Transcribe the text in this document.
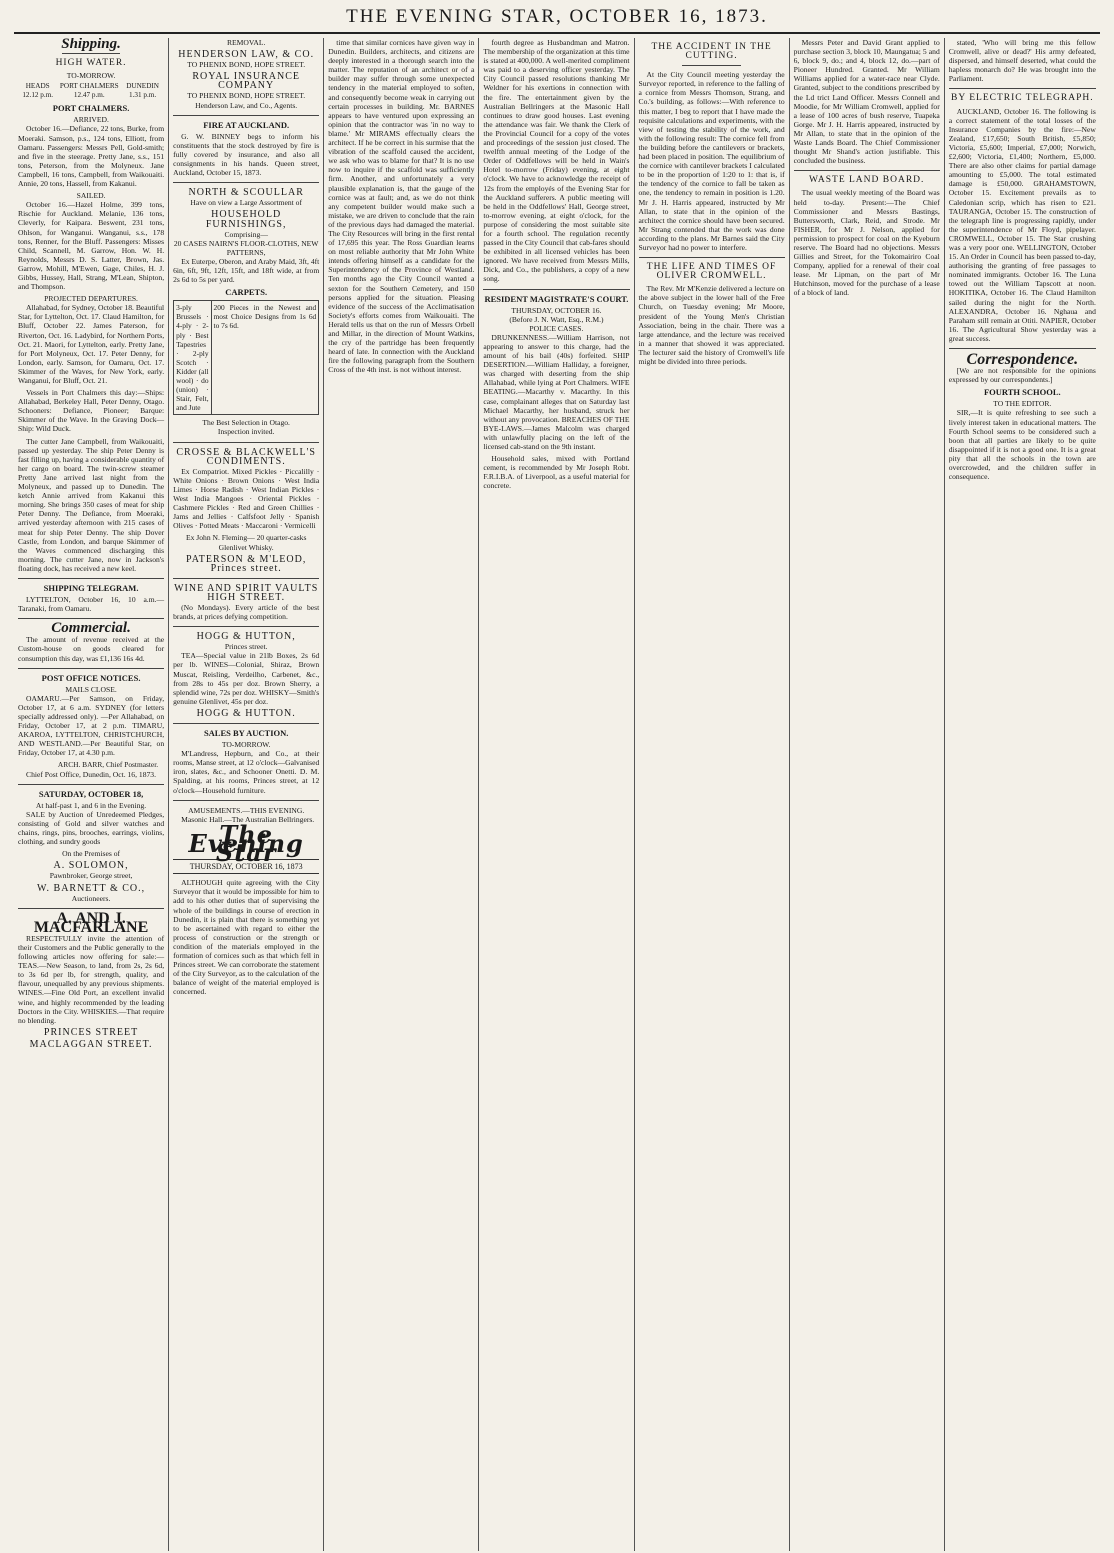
THE EVENING STAR, OCTOBER 16, 1873.
Shipping.
HIGH WATER.
TO-MORROW.
HEADS 12.12 p.m.
PORT CHALMERS 12.47 p.m.
DUNEDIN 1.31 p.m.
PORT CHALMERS.
ARRIVED.

October 16.—Defiance, 22 tons, Burke, from Moeraki. Samson, p.s., 124 tons, Elliott, from Oamaru. Passengers: Messrs Pell, Gold-smith; and five in the steerage. Pretty Jane, s.s., 151 tons, Peterson, from the Molyneux. Jane Campbell, 16 tons, Campbell, from Waikouaiti. Annie, 20 tons, Hassell, from Kakanui.

SAILED.

October 16.—Hazel Holme, 399 tons, Rischie for Auckland. Melanie, 136 tons, Cleverly, for Kaipara. Beswent, 231 tons, Ohlson, for Wanganui. Wanganui, s.s., 178 tons, Renner, for the Bluff. Passengers: Misses Child, Scannell, M. Garrow, Hon. W. H. Reynolds, Messrs D. S. Latter, Brown, Jas. Garrow, Mohill, M'Ewen, Gage, Chiles, H. J. Gibbs, Hussey, Hall, Strang, M'Lean, Shipton, and Thompson.

PROJECTED DEPARTURES.

Allahabad, for Sydney, October 18. Beautiful Star, for Lyttelton, Oct. 17. Claud Hamilton, for Bluff, October 22. James Paterson, for Riverton, Oct. 16. Ladybird, for Northern Ports, Oct. 21. Maori, for Lyttelton, early. Pretty Jane, for Port Molyneux, Oct. 17. Peter Denny, for London, early. Samson, for Oamaru, Oct. 17. Skimmer of the Waves, for New York, early. Wanganui, for Bluff, Oct. 21.

Vessels in Port Chalmers this day:—Ships: Allahabad, Berkeley Hall, Peter Denny, Otago. Schooners: Defiance, Pioneer; Barque: Skimmer of the Wave. In the Graving Dock—Ship: Wild Duck.

The cutter Jane Campbell, from Waikouaiti, passed up yesterday. The ship Peter Denny is fast filling up, having a considerable quantity of her cargo on board. The twin-screw steamer Pretty Jane arrived last night from the Molyneux, and passed up to Dunedin. The ketch Annie arrived from Kakanui this morning. She brings 350 cases of meat for ship Peter Denny. The Defiance, from Moeraki, arrived yesterday afternoon with 215 cases of meat for ship Peter Denny. The ship Dover Castle, from London, and barque Skimmer of the Waves commenced discharging this morning. The cutter Jane, now in Jackson's floating dock, has received a new keel.

SHIPPING TELEGRAM.

LYTTELTON, October 16, 10 a.m.—Taranaki, from Oamaru.

Commercial.

The amount of revenue received at the Custom-house on goods cleared for consumption this day, was £1,136 16s 4d.

POST OFFICE NOTICES.
MAILS CLOSE.

OAMARU.—Per Samson, on Friday, October 17, at 6 a.m. SYDNEY (for letters specially addressed only). —Per Allahabad, on Friday, October 17, at 2 p.m. TIMARU, AKAROA, LYTTELTON, CHRISTCHURCH, AND WESTLAND.—Per Beautiful Star, on Friday, October 17, at 4.30 p.m.

ARCH. BARR, Chief Postmaster.

Chief Post Office, Dunedin, Oct. 16, 1873.

SATURDAY, OCTOBER 18,
At half-past 1, and 6 in the Evening.

SALE by Auction of Unredeemed Pledges, consisting of Gold and silver watches and chains, rings, pins, brooches, earrings, violins, clothing, and sundry goods

On the Premises of
A. SOLOMON,
Pawnbroker, George street,
W. BARNETT & CO.,
Auctioneers.
A. AND J. MACFARLANE

RESPECTFULLY invite the attention of their Customers and the Public generally to the following articles now offering for sale:— TEAS.—New Season, to land, from 2s, 2s 6d, to 3s 6d per lb, for strength, quality, and flavour, unequalled by any previous shipments. WINES.—Fine Old Port, an excellent invalid wine, and highly recommended by the leading Doctors in the City. WHISKIES.—That require no blending.

PRINCES STREET
MACLAGGAN STREET.
REMOVAL.
HENDERSON LAW, & CO.
TO PHENIX BOND, HOPE STREET.
ROYAL INSURANCE COMPANY
TO PHENIX BOND, HOPE STREET. Henderson Law, and Co., Agents.
FIRE AT AUCKLAND.

G. W. BINNEY begs to inform his constituents that the stock destroyed by fire is fully covered by insurance, and also all consignments in his hands. Queen street, Auckland, October 15, 1873.

NORTH & SCOULLAR
Have on view a Large Assortment of
HOUSEHOLD FURNISHINGS,
Comprising—
20 CASES NAIRN'S FLOOR-CLOTHS, NEW PATTERNS,

Ex Euterpe, Oberon, and Araby Maid, 3ft, 4ft 6in, 6ft, 9ft, 12ft, 15ft, and 18ft wide, at from 2s 6d to 5s per yard.

CARPETS.
3-ply Brussels · 4-ply · 2-ply · Best Tapestries · 2-ply Scotch · Kidder (all wool) · do (union) · Stair, Felt, and Jute
200 Pieces in the Newest and most Choice Designs from 1s 6d to 7s 6d.
The Best Selection in Otago.
Inspection invited.
CROSSE & BLACKWELL'S CONDIMENTS.

Ex Compatriot. Mixed Pickles · Piccalilly · White Onions · Brown Onions · West India Limes · Horse Radish · West Indian Pickles · West India Mangoes · Oriental Pickles · Cashmere Pickles · Red and Green Chillies · Jams and Jellies · Calfsfoot Jelly · Spanish Olives · Potted Meats · Maccaroni · Vermicelli

Ex John N. Fleming— 20 quarter-casks Glenlivet Whisky.
PATERSON & M'LEOD, Princes street.
WINE AND SPIRIT VAULTS HIGH STREET.

(No Mondays). Every article of the best brands, at prices defying competition.

HOGG & HUTTON,
Princes street.

TEA—Special value in 21lb Boxes, 2s 6d per lb. WINES—Colonial, Shiraz, Brown Muscat, Reisling, Verdeilho, Carbenet, &c., from 28s to 45s per doz. Brown Sherry, a splendid wine, 72s per doz. WHISKY—Smith's genuine Glenlivet, 45s per doz.

HOGG & HUTTON.
SALES BY AUCTION.
TO-MORROW.

M'Landress, Hepburn, and Co., at their rooms, Manse street, at 12 o'clock—Galvanised iron, slates, &c., and Schooner Onetti. D. M. Spalding, at his rooms, Princes street, at 12 o'clock—Household furniture.

AMUSEMENTS.—THIS EVENING.

Masonic Hall.—The Australian Bellringers.

The Evening Star
THURSDAY, OCTOBER 16, 1873

ALTHOUGH quite agreeing with the City Surveyor that it would be impossible for him to add to his other duties that of supervising the whole of the buildings in course of erection in Dunedin, it is plain that there is something yet to be ascertained with regard to either the process of construction or the strength or condition of the materials employed in the formation of cornices such as that which fell in Princes street. We can corroborate the statement of the City Surveyor, as to the calculation of the balance of weight of the material employed is concerned.

time that similar cornices have given way in Dunedin. Builders, architects, and citizens are deeply interested in a thorough search into the matter. The reputation of an architect or of a builder may suffer through some unexpected tendency in the material employed to soften, and consequently become weak in carrying out certain processes in building. Mr. BARNES appears to have ventured upon expressing an opinion that the contractor was 'in no way to blame.' Mr MIRAMS effectually clears the architect. If he be correct in his surmise that the vibration of the scaffold caused the accident, we ask who was to blame for that? It is no use now to inquire if the scaffold was sufficiently firm. Another, and unfortunately a very plausible explanation is, that the gauge of the cornice was at fault; and, as we do not think any competent builder would make such a mistake, we are driven to conclude that the rain of the previous days had damaged the material. The City Resources will bring in the first rental of 17,695 this year. The Ross Guardian learns on most reliable authority that Mr John White intends offering himself as a candidate for the Superintendency of the Province of Westland. Ten months ago the City Council wanted a sexton for the Southern Cemetery, and 150 persons applied for the situation. Pleasing evidence of the success of the Acclimatisation Society's efforts comes from Waikouaiti. The Herald tells us that on the run of Messrs Orbell and Millar, in the direction of Mount Watkins, the cry of the partridge has been frequently heard of late. In connection with the Auckland fire the following paragraph from the Southern Cross of the 4th inst. is not without interest.

fourth degree as Husbandman and Matron. The membership of the organization at this time is stated at 400,000. A well-merited compliment was paid to a deserving officer yesterday. The City Council passed resolutions thanking Mr Weldner for his exertions in connection with the fire. The entertainment given by the Australian Bellringers at the Masonic Hall continues to draw good houses. Last evening the attendance was fair. We thank the Clerk of the Provincial Council for a copy of the votes and proceedings of the session just closed. The twelfth annual meeting of the Lodge of the Order of Oddfellows will be held in Wain's Hotel to-morrow (Friday) evening, at eight o'clock. We have to acknowledge the receipt of 12s from the employés of the Evening Star for the Auckland sufferers. A public meeting will be held in the Oddfellows' Hall, George street, to-morrow evening, at eight o'clock, for the purpose of considering the most suitable site for a fourth school. The regulation recently passed in the City Council that cab-fares should be exhibited in all licensed vehicles has been ignored. We have received from Messrs Mills, Dick, and Co., the publishers, a copy of a new song.

RESIDENT MAGISTRATE'S COURT.
THURSDAY, OCTOBER 16.
(Before J. N. Watt, Esq., R.M.)
POLICE CASES.

DRUNKENNESS.—William Harrison, not appearing to answer to this charge, had the amount of his bail (40s) forfeited. SHIP DESERTION.—William Halliday, a foreigner, was charged with deserting from the ship Allahabad, while lying at Port Chalmers. WIFE BEATING.—Macarthy v. Macarthy. In this case, complainant alleges that on Saturday last Michael Macarthy, her husband, struck her without any provocation. BREACHES OF THE BYE-LAWS.—James Malcolm was charged with unlawfully placing on the left of the licensed cab-stand on the 9th instant.

Household sales, mixed with Portland cement, is recommended by Mr Joseph Robt. F.R.I.B.A. of Liverpool, as a useful material for concrete.

THE ACCIDENT IN THE CUTTING.

At the City Council meeting yesterday the Surveyor reported, in reference to the falling of a cornice from Messrs Thomson, Strang, and Co.'s building, as follows:—With reference to this matter, I beg to report that I have made the requisite calculations and experiments, with the view of testing the stability of the work, and with the following result: The cornice fell from the building before the cantilevers or brackets, had been placed in position. The equilibrium of the cornice with cantilever brackets I calculated to be in the proportion of 1:20 to 1: that is, if the tendency of the cornice to fall be taken as one, the tendency to remain in position is 1.20. Mr J. H. Harris appeared, instructed by Mr Allan, to state that in the opinion of the architect the cornice should have been secured. Mr Strang contended that the work was done according to the plans. Mr Barnes said the City Surveyor had no power to interfere.

THE LIFE AND TIMES OF OLIVER CROMWELL.

The Rev. Mr M'Kenzie delivered a lecture on the above subject in the lower hall of the Free Church, on Tuesday evening; Mr Moore, president of the Young Men's Christian Association, being in the chair. There was a large attendance, and the lecture was received in a manner that showed it was appreciated. The lecturer said the history of Cromwell's life might be divided into three periods.

Messrs Peter and David Grant applied to purchase section 3, block 10, Maungatua; 5 and 6, block 9, do.; and 4, block 12, do.—part of Pioneer Hundred. Granted. Mr William Williams applied for a water-race near Clyde. Granted, subject to the conditions prescribed by the Ld trict Land Officer. Messrs Connell and Moodie, for Mr William Cromwell, applied for a lease of 100 acres of bush reserve, Tuapeka Gorge. Mr J. H. Harris appeared, instructed by Mr Allan, to state that in the opinion of the Waste Lands Board. The Chief Commissioner thought Mr Shand's action justifiable. This concluded the business.

WASTE LAND BOARD.

The usual weekly meeting of the Board was held to-day. Present:—The Chief Commissioner and Messrs Bastings, Buttersworth, Clark, Reid, and Strode. Mr FISHER, for Mr J. Nelson, applied for permission to prospect for coal on the Kyeburn reserve. The Board had no objections. Messrs Gillies and Street, for the Tokomairiro Coal Company, applied for a renewal of their coal lease. Mr Lipman, on the part of Mr Hutchinson, moved for the purchase of a lease of a block of land.

stated, 'Who will bring me this fellow Cromwell, alive or dead?' His army defeated, dispersed, and himself deserted, what could the hapless monarch do? He was brought into the Parliament.

BY ELECTRIC TELEGRAPH.

AUCKLAND, October 16. The following is a correct statement of the total losses of the Insurance Companies by the fire:—New Zealand, £17,650; South British, £5,850; Victoria, £5,600; Imperial, £7,000; Norwich, £2,600; Victoria, £1,400; Northern, £5,000. There are also other claims for partial damage amounting to £5,000. The total estimated damage is £50,000. GRAHAMSTOWN, October 15. Excitement prevails as to Caledonian scrip, which has risen to £21. TAURANGA, October 15. The construction of the telegraph line is progressing rapidly, under the superintendence of Mr Floyd, pipelayer. CROMWELL, October 15. The Star crushing was a very poor one. WELLINGTON, October 15. An Order in Council has been passed to-day, authorising the granting of free passages to nominated immigrants. October 16. The Luna towed out the William Tapscott at noon. HOKITIKA, October 16. The Claud Hamilton sailed during the night for the North. ALEXANDRA, October 16. Nghaua and Paraham still remain at Otiti. NAPIER, October 16. The Agricultural Show yesterday was a great success.

Correspondence.

[We are not responsible for the opinions expressed by our correspondents.]

FOURTH SCHOOL.
TO THE EDITOR.

SIR,—It is quite refreshing to see such a lively interest taken in educational matters. The Fourth School seems to be considered such a boon that all parties are likely to be quite disappointed if it is not a good one. It is a great pity that all the schools in the town are overcrowded, and the children suffer in consequence.
